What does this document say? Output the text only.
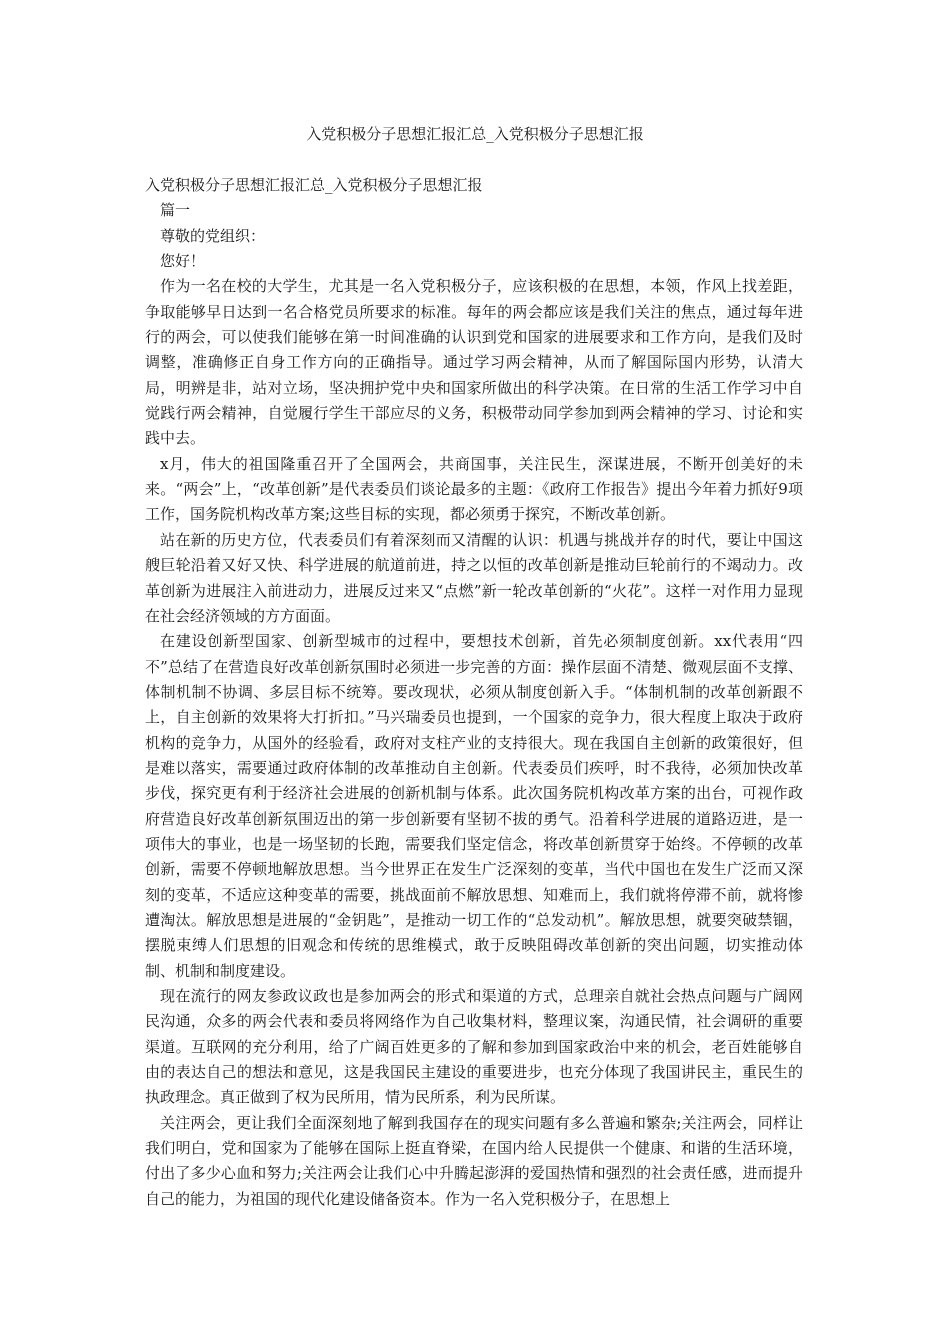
入党积极分子思想汇报汇总_入党积极分子思想汇报

入党积极分子思想汇报汇总_入党积极分子思想汇报

篇一

尊敬的党组织：

您好！

作为一名在校的大学生，尤其是一名入党积极分子，应该积极的在思想，本领，作风上找差距，争取能够早日达到一名合格党员所要求的标准。每年的两会都应该是我们关注的焦点，通过每年进行的两会，可以使我们能够在第一时间准确的认识到党和国家的进展要求和工作方向，是我们及时调整，准确修正自身工作方向的正确指导。通过学习两会精神，从而了解国际国内形势，认清大局，明辨是非，站对立场，坚决拥护党中央和国家所做出的科学决策。在日常的生活工作学习中自觉践行两会精神，自觉履行学生干部应尽的义务，积极带动同学参加到两会精神的学习、讨论和实践中去。

x月，伟大的祖国隆重召开了全国两会，共商国事，关注民生，深谋进展，不断开创美好的未来。“两会”上，“改革创新”是代表委员们谈论最多的主题：《政府工作报告》提出今年着力抓好9项工作，国务院机构改革方案;这些目标的实现，都必须勇于探究，不断改革创新。

站在新的历史方位，代表委员们有着深刻而又清醒的认识：机遇与挑战并存的时代，要让中国这艘巨轮沿着又好又快、科学进展的航道前进，持之以恒的改革创新是推动巨轮前行的不竭动力。改革创新为进展注入前进动力，进展反过来又“点燃”新一轮改革创新的“火花”。这样一对作用力显现在社会经济领域的方方面面。

在建设创新型国家、创新型城市的过程中，要想技术创新，首先必须制度创新。xx代表用“四不”总结了在营造良好改革创新氛围时必须进一步完善的方面：操作层面不清楚、微观层面不支撑、体制机制不协调、多层目标不统筹。要改现状，必须从制度创新入手。“体制机制的改革创新跟不上，自主创新的效果将大打折扣。”马兴瑞委员也提到，一个国家的竞争力，很大程度上取决于政府机构的竞争力，从国外的经验看，政府对支柱产业的支持很大。现在我国自主创新的政策很好，但是难以落实，需要通过政府体制的改革推动自主创新。代表委员们疾呼，时不我待，必须加快改革步伐，探究更有利于经济社会进展的创新机制与体系。此次国务院机构改革方案的出台，可视作政府营造良好改革创新氛围迈出的第一步创新要有坚韧不拔的勇气。沿着科学进展的道路迈进，是一项伟大的事业，也是一场坚韧的长跑，需要我们坚定信念，将改革创新贯穿于始终。不停顿的改革创新，需要不停顿地解放思想。当今世界正在发生广泛深刻的变革，当代中国也在发生广泛而又深刻的变革，不适应这种变革的需要，挑战面前不解放思想、知难而上，我们就将停滞不前，就将惨遭淘汰。解放思想是进展的“金钥匙”，是推动一切工作的“总发动机”。解放思想，就要突破禁锢，摆脱束缚人们思想的旧观念和传统的思维模式，敢于反映阻碍改革创新的突出问题，切实推动体制、机制和制度建设。

现在流行的网友参政议政也是参加两会的形式和渠道的方式，总理亲自就社会热点问题与广阔网民沟通，众多的两会代表和委员将网络作为自己收集材料，整理议案，沟通民情，社会调研的重要渠道。互联网的充分利用，给了广阔百姓更多的了解和参加到国家政治中来的机会，老百姓能够自由的表达自己的想法和意见，这是我国民主建设的重要进步，也充分体现了我国讲民主，重民生的执政理念。真正做到了权为民所用，情为民所系，利为民所谋。

关注两会，更让我们全面深刻地了解到我国存在的现实问题有多么普遍和繁杂;关注两会，同样让我们明白，党和国家为了能够在国际上挺直脊梁，在国内给人民提供一个健康、和谐的生活环境，付出了多少心血和努力;关注两会让我们心中升腾起澎湃的爱国热情和强烈的社会责任感，进而提升自己的能力，为祖国的现代化建设储备资本。作为一名入党积极分子，在思想上
